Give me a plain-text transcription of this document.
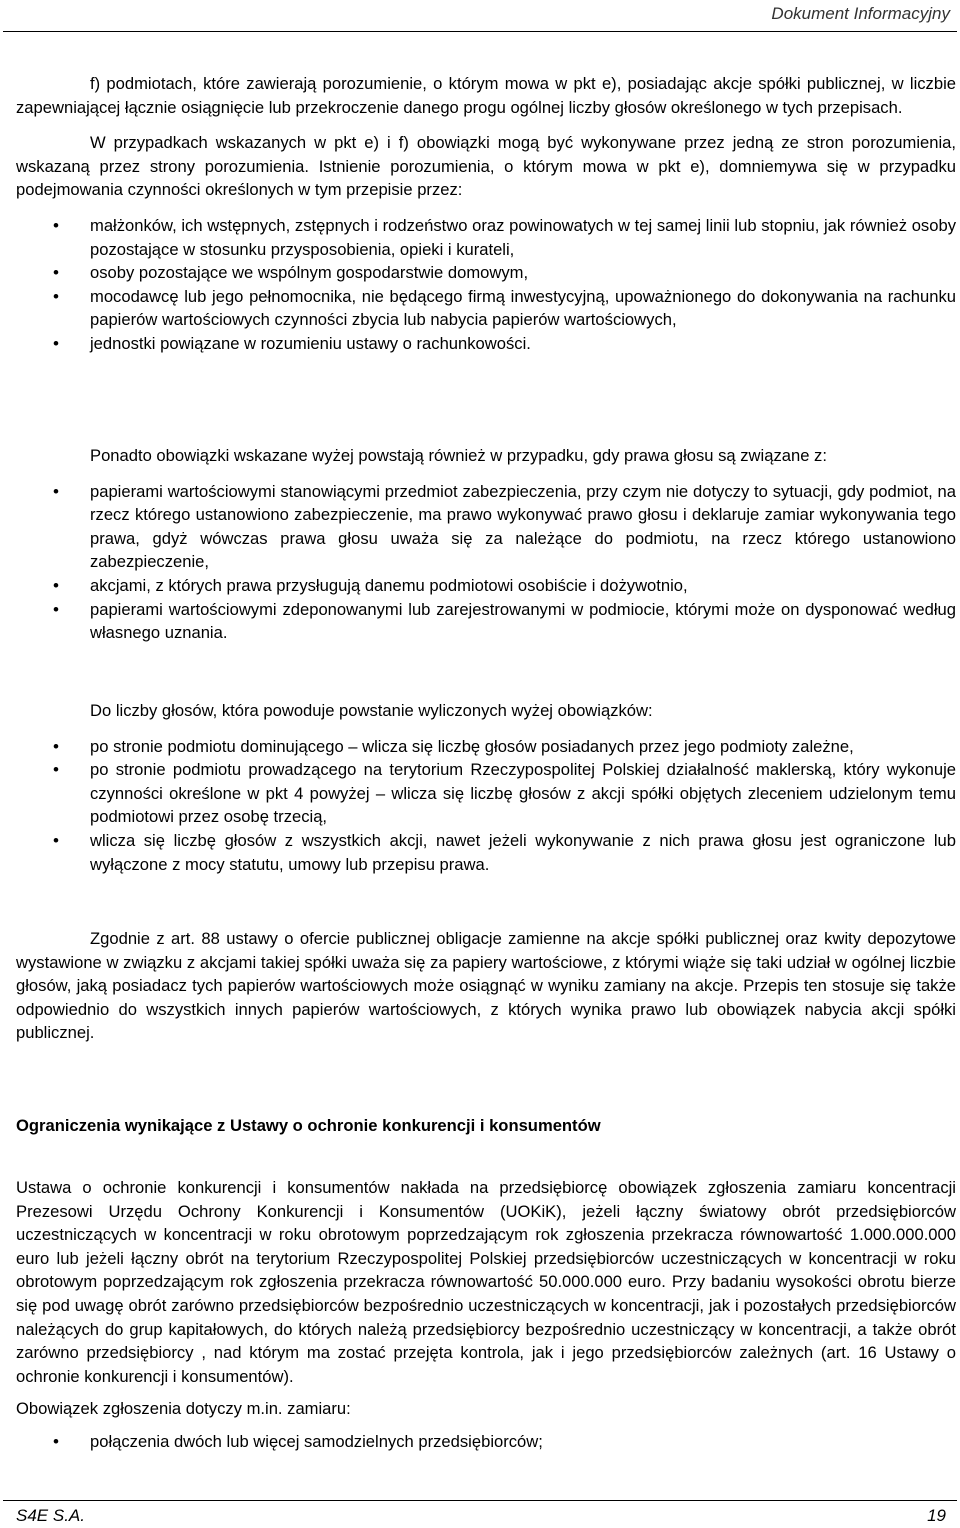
Dokument Informacyjny

f) podmiotach, które zawierają porozumienie, o którym mowa w pkt e), posiadając akcje spółki publicznej, w liczbie zapewniającej łącznie osiągnięcie lub przekroczenie danego progu ogólnej liczby głosów określonego w tych przepisach.

W przypadkach wskazanych w pkt e) i f) obowiązki mogą być wykonywane przez jedną ze stron porozumienia, wskazaną przez strony porozumienia. Istnienie porozumienia, o którym mowa w pkt e), domniemywa się w przypadku podejmowania czynności określonych w tym przepisie przez:

• małżonków, ich wstępnych, zstępnych i rodzeństwo oraz powinowatych w tej samej linii lub stopniu, jak również osoby pozostające w stosunku przysposobienia, opieki i kurateli,
• osoby pozostające we wspólnym gospodarstwie domowym,
• mocodawcę lub jego pełnomocnika, nie będącego firmą inwestycyjną, upoważnionego do dokonywania na rachunku papierów wartościowych czynności zbycia lub nabycia papierów wartościowych,
• jednostki powiązane w rozumieniu ustawy o rachunkowości.

Ponadto obowiązki wskazane wyżej powstają również w przypadku, gdy prawa głosu są związane z:

• papierami wartościowymi stanowiącymi przedmiot zabezpieczenia, przy czym nie dotyczy to sytuacji, gdy podmiot, na rzecz którego ustanowiono zabezpieczenie, ma prawo wykonywać prawo głosu i deklaruje zamiar wykonywania tego prawa, gdyż wówczas prawa głosu uważa się za należące do podmiotu, na rzecz którego ustanowiono zabezpieczenie,
• akcjami, z których prawa przysługują danemu podmiotowi osobiście i dożywotnio,
• papierami wartościowymi zdeponowanymi lub zarejestrowanymi w podmiocie, którymi może on dysponować według własnego uznania.

Do liczby głosów, która powoduje powstanie wyliczonych wyżej obowiązków:

• po stronie podmiotu dominującego – wlicza się liczbę głosów posiadanych przez jego podmioty zależne,
• po stronie podmiotu prowadzącego na terytorium Rzeczypospolitej Polskiej działalność maklerską, który wykonuje czynności określone w pkt 4 powyżej – wlicza się liczbę głosów z akcji spółki objętych zleceniem udzielonym temu podmiotowi przez osobę trzecią,
• wlicza się liczbę głosów z wszystkich akcji, nawet jeżeli wykonywanie z nich prawa głosu jest ograniczone lub wyłączone z mocy statutu, umowy lub przepisu prawa.

Zgodnie z art. 88 ustawy o ofercie publicznej obligacje zamienne na akcje spółki publicznej oraz kwity depozytowe wystawione w związku z akcjami takiej spółki uważa się za papiery wartościowe, z którymi wiąże się taki udział w ogólnej liczbie głosów, jaką posiadacz tych papierów wartościowych może osiągnąć w wyniku zamiany na akcje. Przepis ten stosuje się także odpowiednio do wszystkich innych papierów wartościowych, z których wynika prawo lub obowiązek nabycia akcji spółki publicznej.

Ograniczenia wynikające z Ustawy o ochronie konkurencji i konsumentów

Ustawa o ochronie konkurencji i konsumentów nakłada na przedsiębiorcę obowiązek zgłoszenia zamiaru koncentracji Prezesowi Urzędu Ochrony Konkurencji i Konsumentów (UOKiK), jeżeli łączny światowy obrót przedsiębiorców uczestniczących w koncentracji w roku obrotowym poprzedzającym rok zgłoszenia przekracza równowartość 1.000.000.000 euro lub jeżeli łączny obrót na terytorium Rzeczypospolitej Polskiej przedsiębiorców uczestniczących w koncentracji w roku obrotowym poprzedzającym rok zgłoszenia przekracza równowartość 50.000.000 euro. Przy badaniu wysokości obrotu bierze się pod uwagę obrót zarówno przedsiębiorców bezpośrednio uczestniczących w koncentracji, jak i pozostałych przedsiębiorców należących do grup kapitałowych, do których należą przedsiębiorcy bezpośrednio uczestniczący w koncentracji, a także obrót zarówno przedsiębiorcy , nad którym ma zostać przejęta kontrola, jak i jego przedsiębiorców zależnych (art. 16 Ustawy o ochronie konkurencji i konsumentów).

Obowiązek zgłoszenia dotyczy m.in. zamiaru:

• połączenia dwóch lub więcej samodzielnych przedsiębiorców;
S4E S.A.	19
